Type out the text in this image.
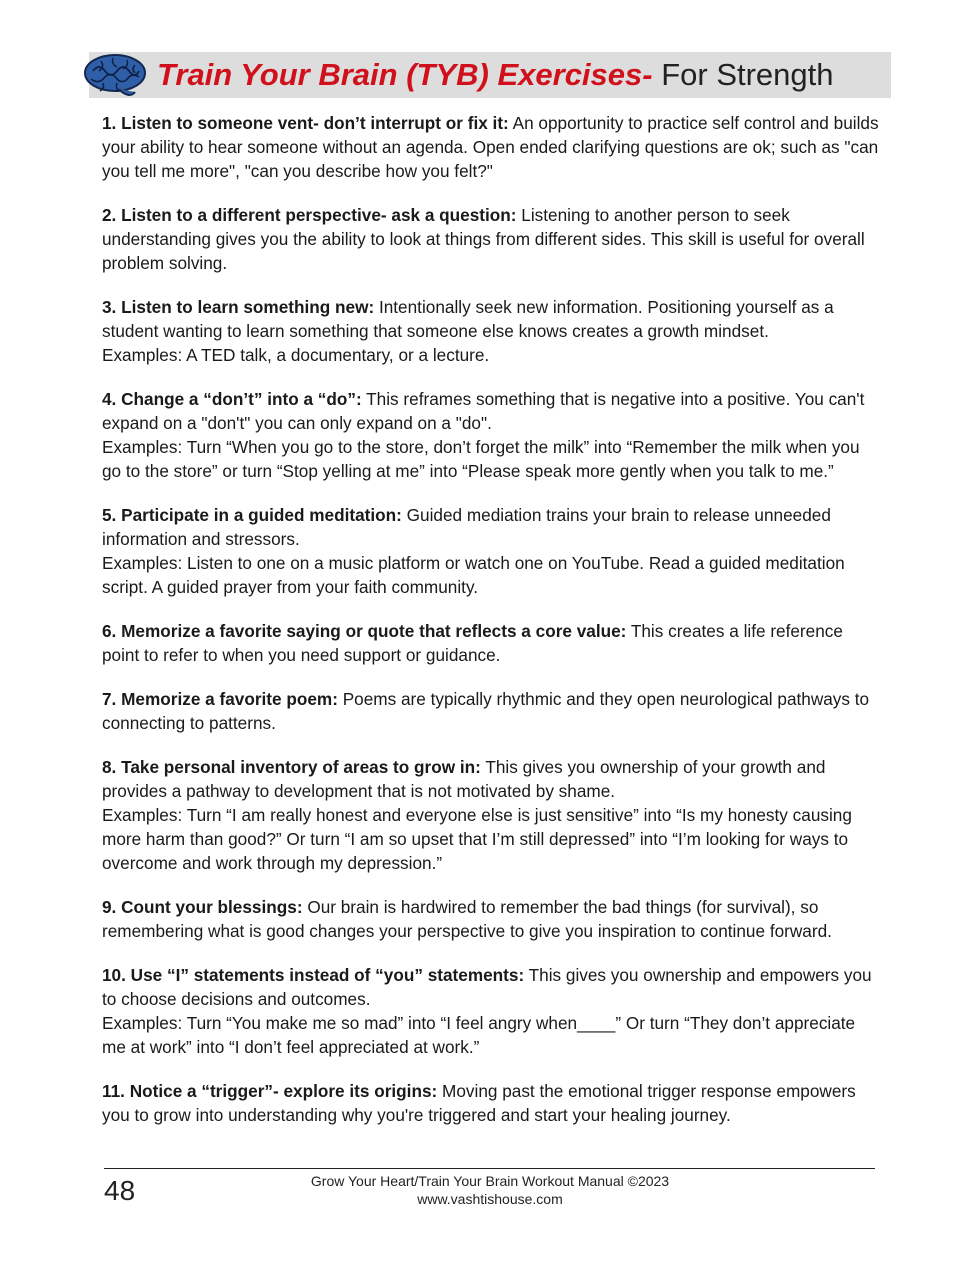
Train Your Brain (TYB) Exercises- For Strength

1. Listen to someone vent- don’t interrupt or fix it: An opportunity to practice self control and builds your ability to hear someone without an agenda. Open ended clarifying questions are ok; such as "can you tell me more", "can you describe how you felt?"

2. Listen to a different perspective- ask a question: Listening to another person to seek understanding gives you the ability to look at things from different sides. This skill is useful for overall problem solving.

3. Listen to learn something new: Intentionally seek new information. Positioning yourself as a student wanting to learn something that someone else knows creates a growth mindset.

Examples: A TED talk, a documentary, or a lecture.

4. Change a “don’t” into a “do”: This reframes something that is negative into a positive. You can't expand on a "don't" you can only expand on a "do".

Examples: Turn “When you go to the store, don’t forget the milk” into “Remember the milk when you go to the store” or turn “Stop yelling at me” into “Please speak more gently when you talk to me.”

5. Participate in a guided meditation: Guided mediation trains your brain to release unneeded information and stressors.

Examples: Listen to one on a music platform or watch one on YouTube. Read a guided meditation script. A guided prayer from your faith community.

6. Memorize a favorite saying or quote that reflects a core value: This creates a life reference point to refer to when you need support or guidance.

7. Memorize a favorite poem: Poems are typically rhythmic and they open neurological pathways to connecting to patterns.

8. Take personal inventory of areas to grow in: This gives you ownership of your growth and provides a pathway to development that is not motivated by shame.

Examples: Turn “I am really honest and everyone else is just sensitive” into “Is my honesty causing more harm than good?” Or turn “I am so upset that I’m still depressed” into “I’m looking for ways to overcome and work through my depression.”

9. Count your blessings: Our brain is hardwired to remember the bad things (for survival), so remembering what is good changes your perspective to give you inspiration to continue forward.

10. Use “I” statements instead of “you” statements: This gives you ownership and empowers you to choose decisions and outcomes.

Examples: Turn “You make me so mad” into “I feel angry when____” Or turn “They don’t appreciate me at work” into “I don’t feel appreciated at work.”

11. Notice a “trigger”- explore its origins: Moving past the emotional trigger response empowers you to grow into understanding why you're triggered and start your healing journey.

48	Grow Your Heart/Train Your Brain Workout Manual ©2023
www.vashtishouse.com
